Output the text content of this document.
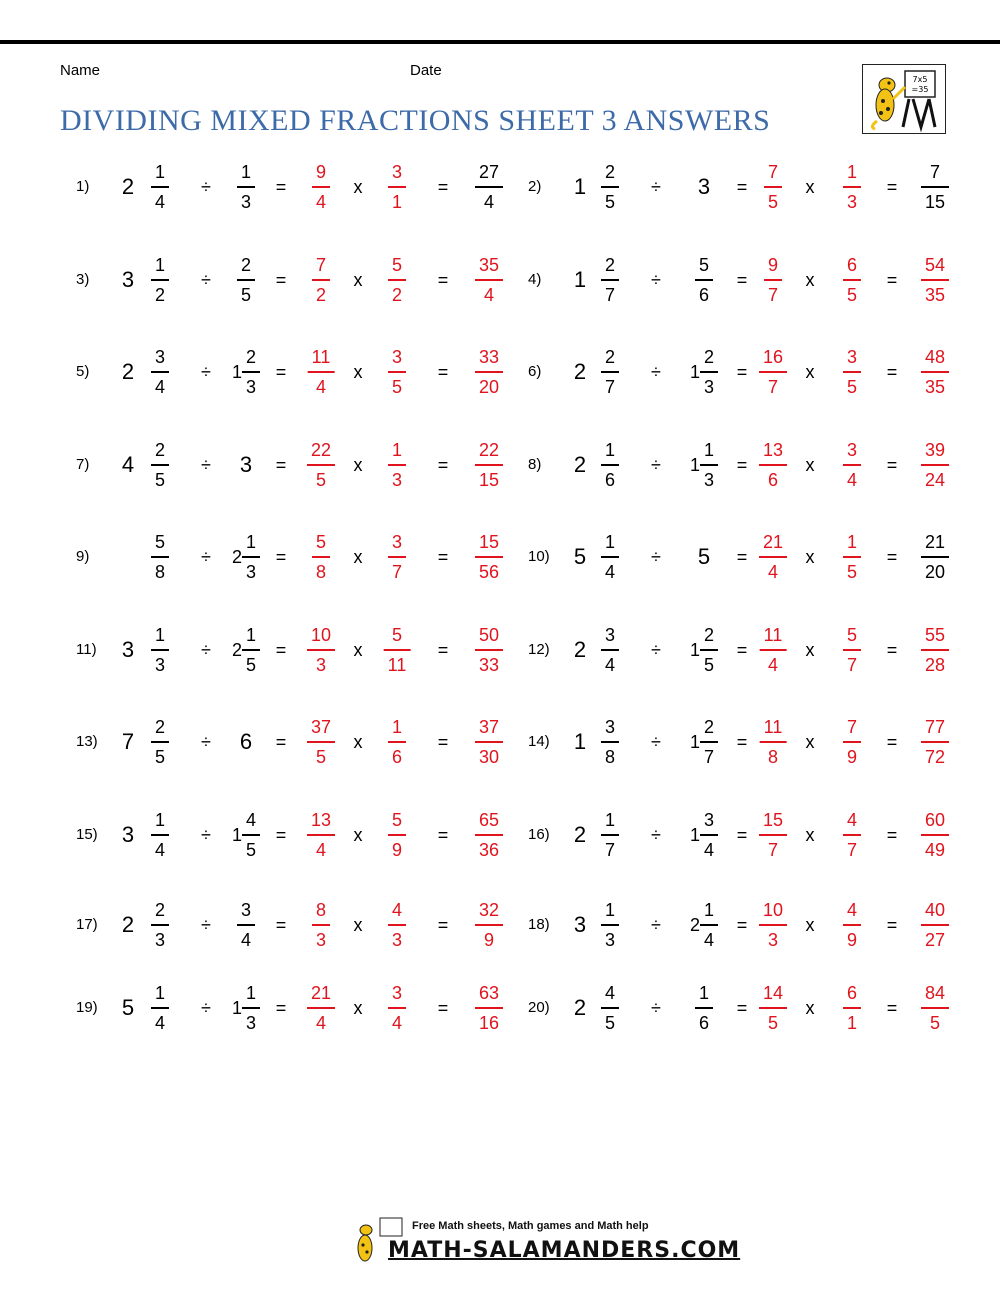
Name	Date
DIVIDING MIXED FRACTIONS SHEET 3 ANSWERS
7x5
=35
1) $2 \frac{1}{4} \div \frac{1}{3} = \frac{9}{4}$ x $\frac{3}{1} = \frac{27}{4} 2$) $1 \frac{2}{5} \div 3 = \frac{7}{5}$ x $\frac{1}{3} = \frac{7}{15}$
3) $3 \frac{1}{2} \div \frac{2}{5} = \frac{7}{2}$ x $\frac{5}{2} = \frac{35}{4} 4$) $1 \frac{2}{7} \div \frac{5}{6} = \frac{9}{7}$ x $\frac{6}{5} = \frac{54}{35}$
5) $2 \frac{3}{4} \div 1 \frac{2}{3} = \frac{11}{4}$ x $\frac{3}{5} = \frac{33}{20} 6$) $2 \frac{2}{7} \div 1 \frac{2}{3} = \frac{16}{7}$ x $\frac{3}{5} = \frac{48}{35}$
7) $4 \frac{2}{5} \div 3 = \frac{22}{5}$ x $\frac{1}{3} = \frac{22}{15} 8$) $2 \frac{1}{6} \div 1 \frac{1}{3} = \frac{13}{6}$ x $\frac{3}{4} = \frac{39}{24}$
9)	$\frac{5}{8} \div 2 \frac{1}{3} = \frac{5}{8}$ x $\frac{3}{7} = \frac{15}{56} 10$) $5 \frac{1}{4} \div 5 = \frac{21}{4}$ x $\frac{1}{5} = \frac{21}{20}$
11) $3 \frac{1}{3} \div 2 \frac{1}{5} = \frac{10}{3}$ x $\frac{5}{11} = \frac{50}{33} 12$) $2 \frac{3}{4} \div 1 \frac{2}{5} = \frac{11}{4}$ x $\frac{5}{7} = \frac{55}{28}$
13) $7 \frac{2}{5} \div 6 = \frac{37}{5}$ x $\frac{1}{6} = \frac{37}{30} 14$) $1 \frac{3}{8} \div 1 \frac{2}{7} = \frac{11}{8}$ x $\frac{7}{9} = \frac{77}{72}$
15) $3 \frac{1}{4} \div 1 \frac{4}{5} = \frac{13}{4}$ x $\frac{5}{9} = \frac{65}{36} 16$) $2 \frac{1}{7} \div 1 \frac{3}{4} = \frac{15}{7}$ x $\frac{4}{7} = \frac{60}{49}$
17) $2 \frac{2}{3} \div \frac{3}{4} = \frac{8}{3}$ x $\frac{4}{3} = \frac{32}{9} 18$) $3 \frac{1}{3} \div 2 \frac{1}{4} = \frac{10}{3}$ x $\frac{4}{9} = \frac{40}{27}$
19) $5 \frac{1}{4} \div 1 \frac{1}{3} = \frac{21}{4}$ x $\frac{3}{4} = \frac{63}{16} 20$) $2 \frac{4}{5} \div \frac{1}{6} = \frac{14}{5}$ x $\frac{6}{1} = \frac{84}{5}$
Free Math sheets, Math games and Math help
MATH-SALAMANDERS.COM
